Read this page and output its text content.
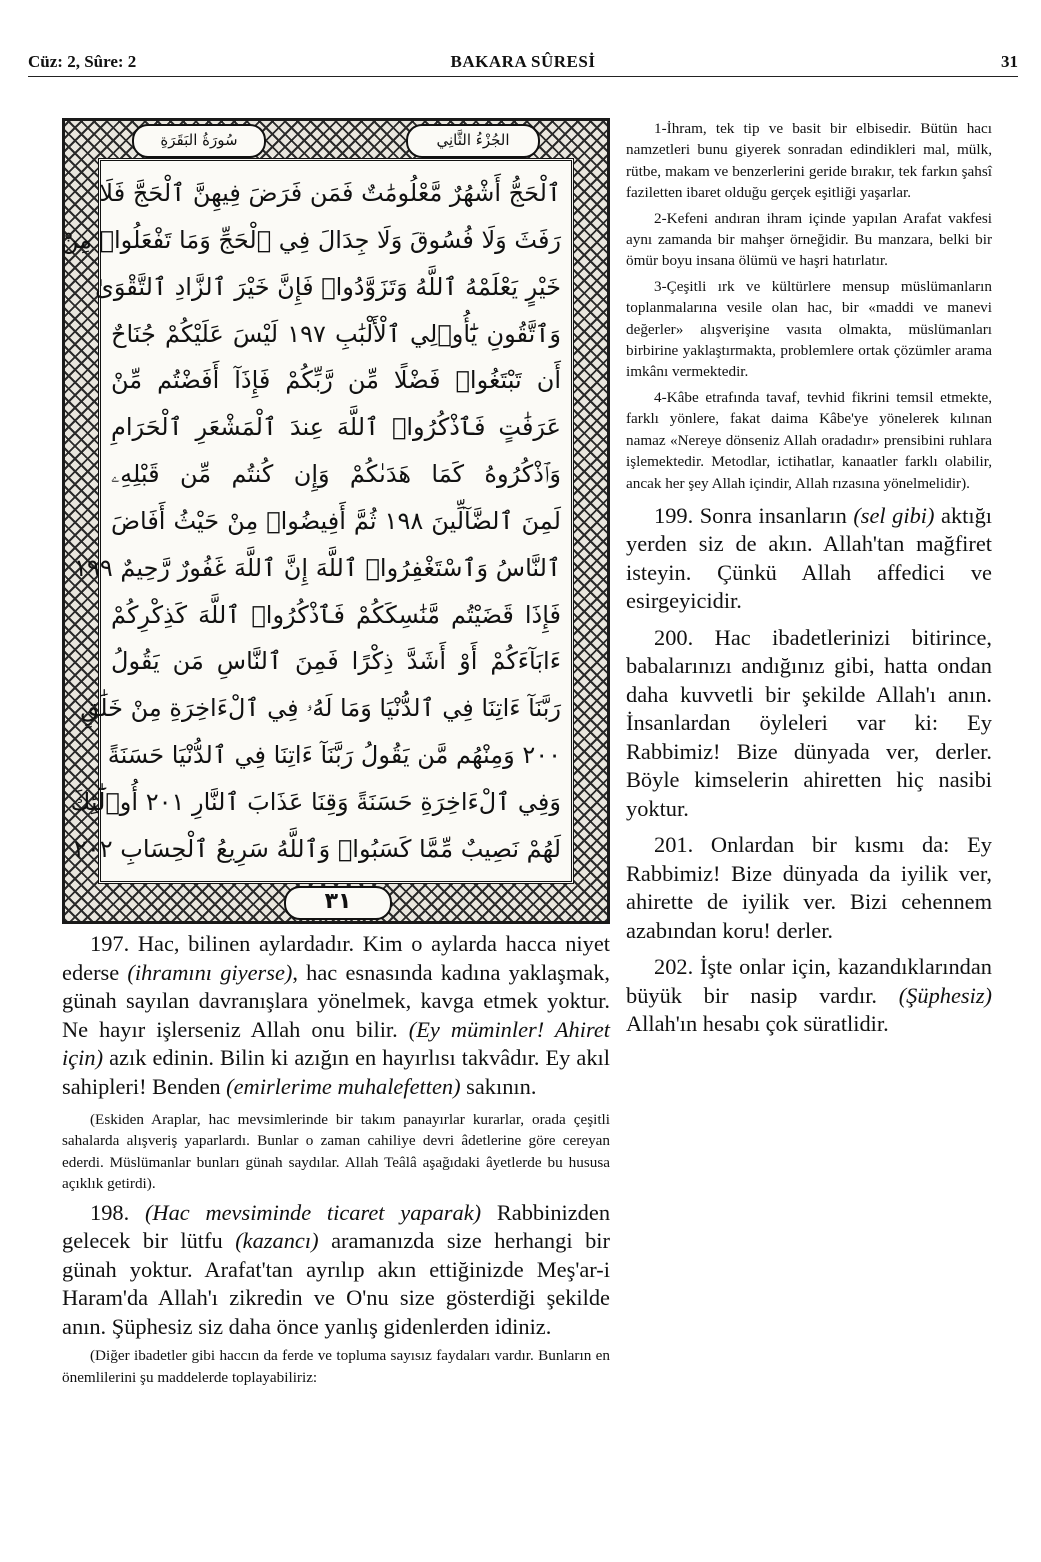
Cüz: 2, Sûre: 2	BAKARA SÛRESİ	31
الجُزْءُ الثَّانِي
سُورَةُ البَقَرَةِ
ٱلْحَجُّ أَشْهُرٌ مَّعْلُومَٰتٌ فَمَن فَرَضَ فِيهِنَّ ٱلْحَجَّ فَلَا
رَفَثَ وَلَا فُسُوقَ وَلَا جِدَالَ فِي ٱلْحَجِّ وَمَا تَفْعَلُوا۟ مِنْ
خَيْرٍ يَعْلَمْهُ ٱللَّهُ وَتَزَوَّدُوا۟ فَإِنَّ خَيْرَ ٱلزَّادِ ٱلتَّقْوَىٰ
وَٱتَّقُونِ يَٰٓأُو۟لِي ٱلْأَلْبَٰبِ ١٩٧ لَيْسَ عَلَيْكُمْ جُنَاحٌ
أَن تَبْتَغُوا۟ فَضْلًا مِّن رَّبِّكُمْ فَإِذَآ أَفَضْتُم مِّنْ
عَرَفَٰتٍ فَٱذْكُرُوا۟ ٱللَّهَ عِندَ ٱلْمَشْعَرِ ٱلْحَرَامِ
وَٱذْكُرُوهُ كَمَا هَدَىٰكُمْ وَإِن كُنتُم مِّن قَبْلِهِۦ
لَمِنَ ٱلضَّآلِّينَ ١٩٨ ثُمَّ أَفِيضُوا۟ مِنْ حَيْثُ أَفَاضَ
ٱلنَّاسُ وَٱسْتَغْفِرُوا۟ ٱللَّهَ إِنَّ ٱللَّهَ غَفُورٌ رَّحِيمٌ ١٩٩
فَإِذَا قَضَيْتُم مَّنَٰسِكَكُمْ فَٱذْكُرُوا۟ ٱللَّهَ كَذِكْرِكُمْ
ءَابَآءَكُمْ أَوْ أَشَدَّ ذِكْرًا فَمِنَ ٱلنَّاسِ مَن يَقُولُ
رَبَّنَآ ءَاتِنَا فِي ٱلدُّنْيَا وَمَا لَهُۥ فِي ٱلْءَاخِرَةِ مِنْ خَلَٰقٍ
٢٠٠ وَمِنْهُم مَّن يَقُولُ رَبَّنَآ ءَاتِنَا فِي ٱلدُّنْيَا حَسَنَةً
وَفِي ٱلْءَاخِرَةِ حَسَنَةً وَقِنَا عَذَابَ ٱلنَّارِ ٢٠١ أُو۟لَٰٓئِكَ
لَهُمْ نَصِيبٌ مِّمَّا كَسَبُوا۟ وَٱللَّهُ سَرِيعُ ٱلْحِسَابِ ٢٠٢
٣١

197. Hac, bilinen aylardadır. Kim o aylarda hacca niyet ederse (ihramını giyerse), hac esnasında kadına yaklaşmak, günah sayılan davranışlara yönelmek, kavga etmek yoktur. Ne hayır işlerseniz Allah onu bilir. (Ey müminler! Ahiret için) azık edinin. Bilin ki azığın en hayırlısı takvâdır. Ey akıl sahipleri! Benden (emirlerime muhalefetten) sakının.

(Eskiden Araplar, hac mevsimlerinde bir takım panayırlar kurarlar, orada çeşitli sahalarda alışveriş yaparlardı. Bunlar o zaman cahiliye devri âdetlerine göre cereyan ederdi. Müslümanlar bunları günah saydılar. Allah Teâlâ aşağıdaki âyetlerde bu hususa açıklık getirdi).

198. (Hac mevsiminde ticaret yaparak) Rabbinizden gelecek bir lütfu (kazancı) aramanızda size herhangi bir günah yoktur. Arafat'tan ayrılıp akın ettiğinizde Meş'ar-i Haram'da Allah'ı zikredin ve O'nu size gösterdiği şekilde anın. Şüphesiz siz daha önce yanlış gidenlerden idiniz.

(Diğer ibadetler gibi haccın da ferde ve topluma sayısız faydaları vardır. Bunların en önemlilerini şu maddelerde toplayabiliriz:

1-İhram, tek tip ve basit bir elbisedir. Bütün hacı namzetleri bunu giyerek sonradan edindikleri mal, mülk, rütbe, makam ve benzerlerini geride bırakır, tek farkın şahsî faziletten ibaret olduğu gerçek eşitliği yaşarlar.

2-Kefeni andıran ihram içinde yapılan Arafat vakfesi aynı zamanda bir mahşer örneğidir. Bu manzara, belki bir ömür boyu insana ölümü ve haşri hatırlatır.

3-Çeşitli ırk ve kültürlere mensup müslümanların toplanmalarına vesile olan hac, bir «maddi ve manevi değerler» alışverişine vasıta olmakta, müslümanları birbirine yaklaştırmakta, problemlere ortak çözümler arama imkânı vermektedir.

4-Kâbe etrafında tavaf, tevhid fikrini temsil etmekte, farklı yönlere, fakat daima Kâbe'ye yönelerek kılınan namaz «Nereye dönseniz Allah oradadır» prensibini ruhlara işlemektedir. Metodlar, ictihatlar, kanaatler farklı olabilir, ancak her şey Allah içindir, Allah rızasına yönelmelidir).

199. Sonra insanların (sel gibi) aktığı yerden siz de akın. Allah'tan mağfiret isteyin. Çünkü Allah affedici ve esirgeyicidir.

200. Hac ibadetlerinizi bitirince, babalarınızı andığınız gibi, hatta ondan daha kuvvetli bir şekilde Allah'ı anın. İnsanlardan öyleleri var ki: Ey Rabbimiz! Bize dünyada ver, derler. Böyle kimselerin ahiretten hiç nasibi yoktur.

201. Onlardan bir kısmı da: Ey Rabbimiz! Bize dünyada da iyilik ver, ahirette de iyilik ver. Bizi cehennem azabından koru! derler.

202. İşte onlar için, kazandıklarından büyük bir nasip vardır. (Şüphesiz) Allah'ın hesabı çok süratlidir.
